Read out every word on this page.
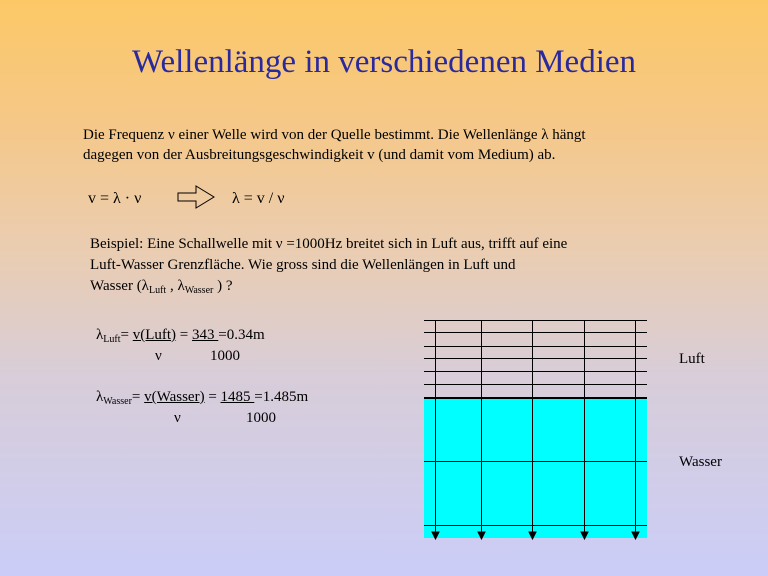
Wellenlänge in verschiedenen Medien
Die Frequenz ν einer Welle wird von der Quelle bestimmt. Die Wellenlänge λ hängt
dagegen von der Ausbreitungsgeschwindigkeit v (und damit vom Medium) ab.
v = λ · ν	λ = v / ν
Beispiel: Eine Schallwelle mit ν =1000Hz breitet sich in Luft aus, trifft auf eine
Luft-Wasser Grenzfläche. Wie gross sind die Wellenlängen in Luft und
Wasser ($\lambda_{Luft}$ , $\lambda_{Wasser}$ ) ?
$\lambda_{Luft}=$ v(Luft) = 343 =0.34m
ν	1000
$\lambda_{Wasser}=$ v(Wasser) = 1485 =1.485m
ν	1000
Luft
Wasser
